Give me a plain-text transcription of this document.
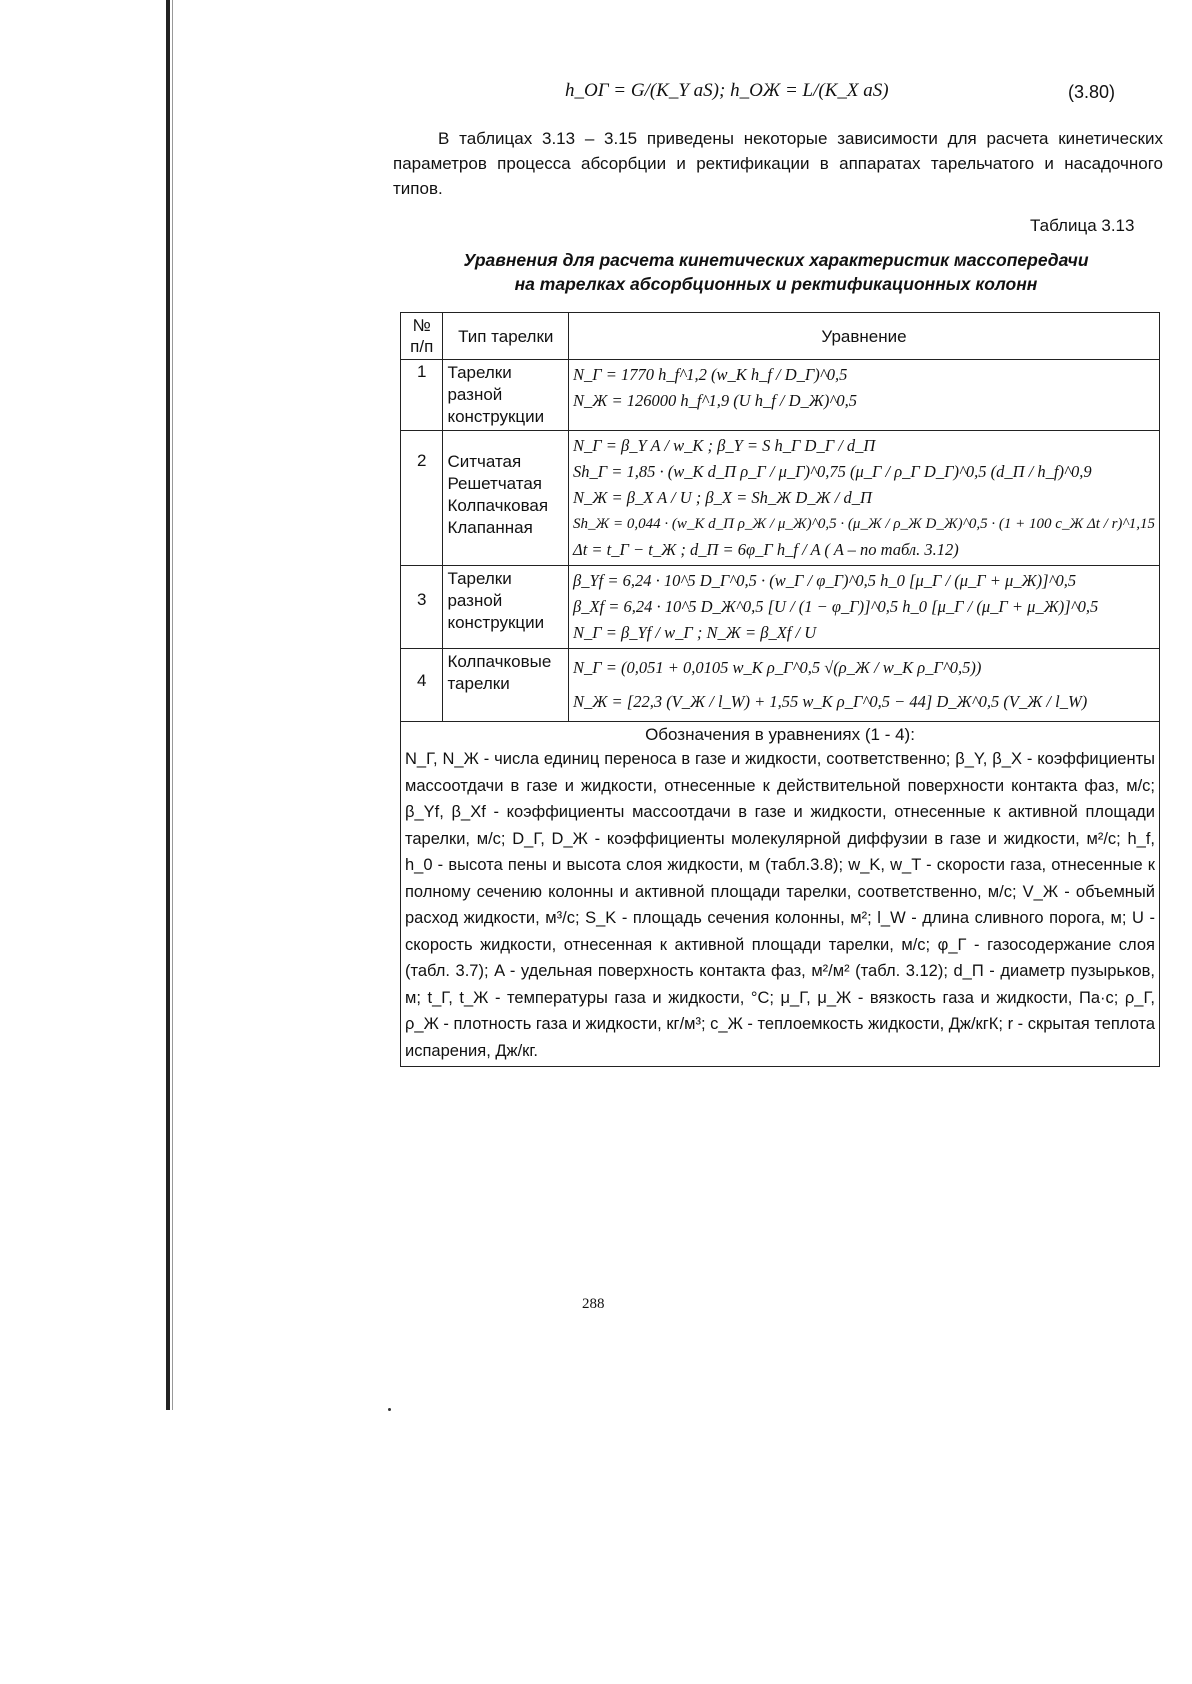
h_OГ = G/(K_Y aS); h_OЖ = L/(K_X aS)	(3.80)
В таблицах 3.13 – 3.15 приведены некоторые зависимости для расчета кинетических параметров процесса абсорбции и ректификации в аппаратах тарельчатого и насадочного типов.
Таблица 3.13
Уравнения для расчета кинетических характеристик массопередачи
на тарелках абсорбционных и ректификационных колонн
№ п/п	Тип тарелки	Уравнение
1	Тарелки разной конструкции	N_Г = 1770 h_f^1,2 (w_K h_f / D_Г)^0,5
N_Ж = 126000 h_f^1,9 (U h_f / D_Ж)^0,5

2	Ситчатая Решетчатая Колпачковая Клапанная	N_Г = β_Y A / w_K ; β_Y = S h_Г D_Г / d_П
Sh_Г = 1,85 · (w_K d_П ρ_Г / μ_Г)^0,75 (μ_Г / ρ_Г D_Г)^0,5 (d_П / h_f)^0,9
N_Ж = β_X A / U ; β_X = Sh_Ж D_Ж / d_П
Sh_Ж = 0,044 · (w_K d_П ρ_Ж / μ_Ж)^0,5 · (μ_Ж / ρ_Ж D_Ж)^0,5 · (1 + 100 c_Ж Δt / r)^1,15
Δt = t_Г − t_Ж ; d_П = 6φ_Г h_f / A ( A – по табл. 3.12)

3	Тарелки разной конструкции	β_Yf = 6,24 · 10^5 D_Г^0,5 · (w_Г / φ_Г)^0,5 h_0 [μ_Г / (μ_Г + μ_Ж)]^0,5
β_Xf = 6,24 · 10^5 D_Ж^0,5 [U / (1 − φ_Г)]^0,5 h_0 [μ_Г / (μ_Г + μ_Ж)]^0,5
N_Г = β_Yf / w_Г ; N_Ж = β_Xf / U

4	Колпачковые тарелки	N_Г = (0,051 + 0,0105 w_K ρ_Г^0,5 √(ρ_Ж / w_K ρ_Г^0,5))
N_Ж = [22,3 (V_Ж / l_W) + 1,55 w_K ρ_Г^0,5 − 44] D_Ж^0,5 (V_Ж / l_W)

Обозначения в уравнениях (1 - 4):
N_Г, N_Ж - числа единиц переноса в газе и жидкости, соответственно; β_Y, β_X - коэффициенты массоотдачи в газе и жидкости, отнесенные к действительной поверхности контакта фаз, м/с; β_Yf, β_Xf - коэффициенты массоотдачи в газе и жидкости, отнесенные к активной площади тарелки, м/с; D_Г, D_Ж - коэффициенты молекулярной диффузии в газе и жидкости, м²/с; h_f, h_0 - высота пены и высота слоя жидкости, м (табл.3.8); w_K, w_T - скорости газа, отнесенные к полному сечению колонны и активной площади тарелки, соответственно, м/с; V_Ж - объемный расход жидкости, м³/с; S_K - площадь сечения колонны, м²; l_W - длина сливного порога, м; U - скорость жидкости, отнесенная к активной площади тарелки, м/с; φ_Г - газосодержание слоя (табл. 3.7); A - удельная поверхность контакта фаз, м²/м² (табл. 3.12); d_П - диаметр пузырьков, м; t_Г, t_Ж - температуры газа и жидкости, °С; μ_Г, μ_Ж - вязкость газа и жидкости, Па·с; ρ_Г, ρ_Ж - плотность газа и жидкости, кг/м³; c_Ж - теплоемкость жидкости, Дж/кгК; r - скрытая теплота испарения, Дж/кг.		
288
